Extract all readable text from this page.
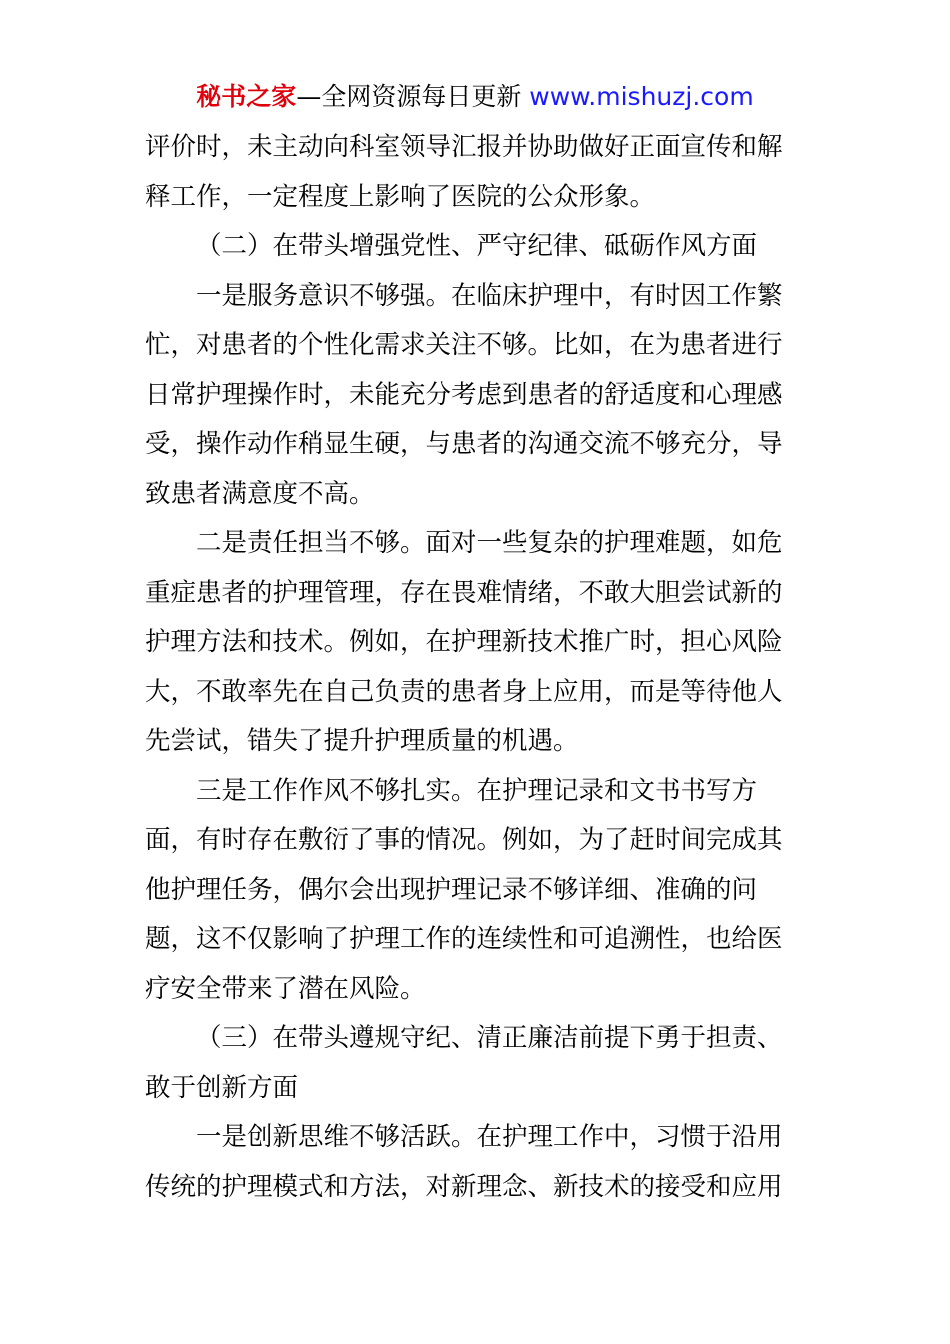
秘书之家—全网资源每日更新 www.mishuzj.com
评价时，未主动向科室领导汇报并协助做好正面宣传和解
释工作，一定程度上影响了医院的公众形象。
（二）在带头增强党性、严守纪律、砥砺作风方面
一是服务意识不够强。在临床护理中，有时因工作繁
忙，对患者的个性化需求关注不够。比如，在为患者进行
日常护理操作时，未能充分考虑到患者的舒适度和心理感
受，操作动作稍显生硬，与患者的沟通交流不够充分，导
致患者满意度不高。
二是责任担当不够。面对一些复杂的护理难题，如危
重症患者的护理管理，存在畏难情绪，不敢大胆尝试新的
护理方法和技术。例如，在护理新技术推广时，担心风险
大，不敢率先在自己负责的患者身上应用，而是等待他人
先尝试，错失了提升护理质量的机遇。
三是工作作风不够扎实。在护理记录和文书书写方
面，有时存在敷衍了事的情况。例如，为了赶时间完成其
他护理任务，偶尔会出现护理记录不够详细、准确的问
题，这不仅影响了护理工作的连续性和可追溯性，也给医
疗安全带来了潜在风险。
（三）在带头遵规守纪、清正廉洁前提下勇于担责、
敢于创新方面
一是创新思维不够活跃。在护理工作中，习惯于沿用
传统的护理模式和方法，对新理念、新技术的接受和应用
